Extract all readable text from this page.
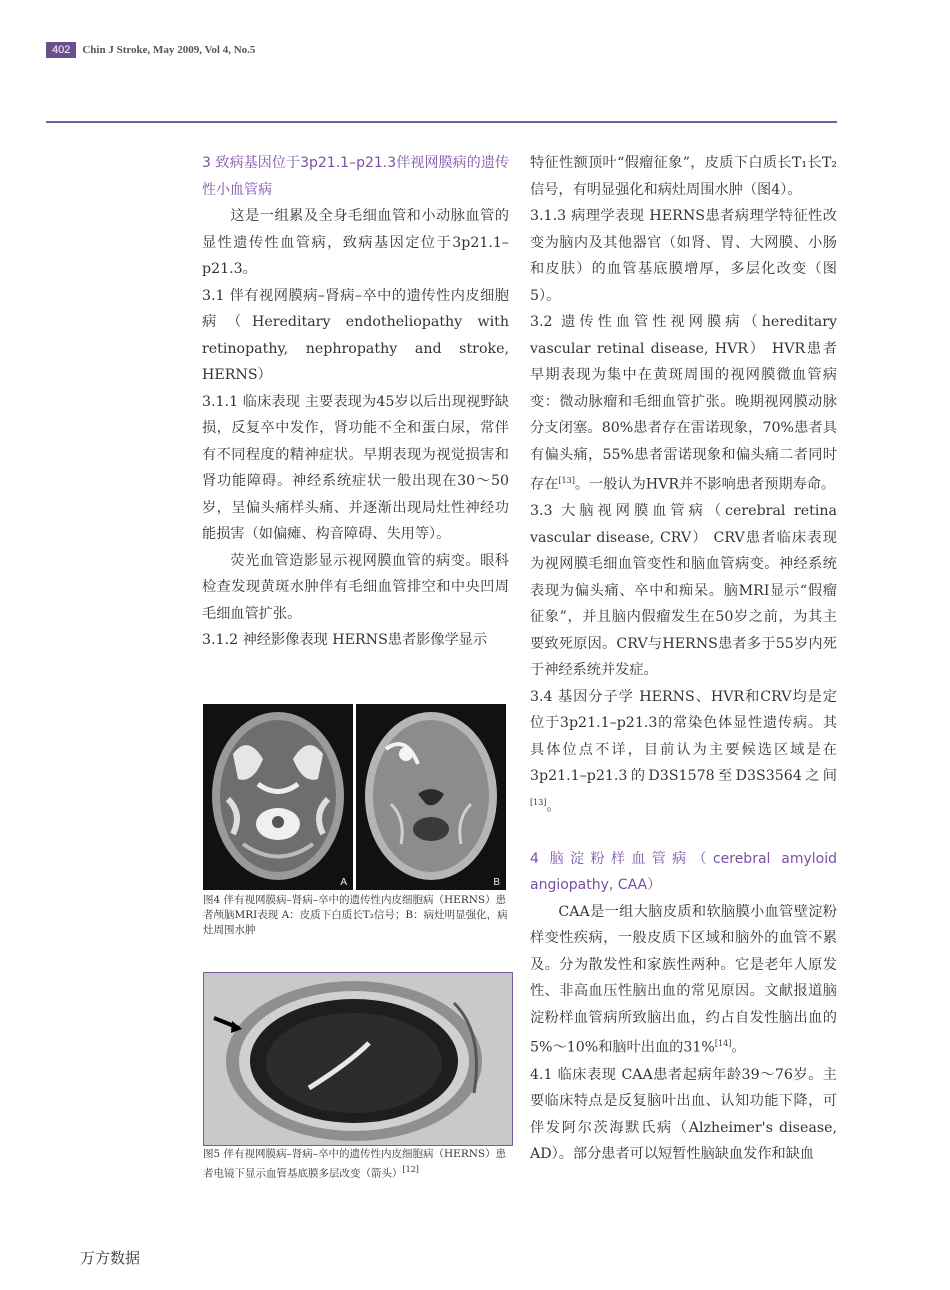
402	Chin J Stroke, May 2009, Vol 4, No.5

3 致病基因位于3p21.1–p21.3伴视网膜病的遗传性小血管病

这是一组累及全身毛细血管和小动脉血管的显性遗传性血管病，致病基因定位于3p21.1–p21.3。

3.1 伴有视网膜病–肾病–卒中的遗传性内皮细胞病（Hereditary endotheliopathy with retinopathy, nephropathy and stroke, HERNS）

3.1.1 临床表现 主要表现为45岁以后出现视野缺损，反复卒中发作，肾功能不全和蛋白尿，常伴有不同程度的精神症状。早期表现为视觉损害和肾功能障碍。神经系统症状一般出现在30～50岁，呈偏头痛样头痛、并逐渐出现局灶性神经功能损害（如偏瘫、构音障碍、失用等）。

荧光血管造影显示视网膜血管的病变。眼科检查发现黄斑水肿伴有毛细血管排空和中央凹周毛细血管扩张。

3.1.2 神经影像表现 HERNS患者影像学显示

A	B
图4 伴有视网膜病–肾病–卒中的遗传性内皮细胞病（HERNS）患者颅脑MRI表现 A：皮质下白质长T₂信号；B：病灶明显强化，病灶周围水肿
图5 伴有视网膜病–肾病–卒中的遗传性内皮细胞病（HERNS）患者电镜下显示血管基底膜多层改变（箭头）[12]

特征性额顶叶“假瘤征象”，皮质下白质长T₁长T₂信号，有明显强化和病灶周围水肿（图4）。

3.1.3 病理学表现 HERNS患者病理学特征性改变为脑内及其他器官（如肾、胃、大网膜、小肠和皮肤）的血管基底膜增厚，多层化改变（图5）。

3.2 遗传性血管性视网膜病（hereditary vascular retinal disease, HVR） HVR患者早期表现为集中在黄斑周围的视网膜微血管病变：微动脉瘤和毛细血管扩张。晚期视网膜动脉分支闭塞。80%患者存在雷诺现象，70%患者具有偏头痛，55%患者雷诺现象和偏头痛二者同时存在[13]。一般认为HVR并不影响患者预期寿命。

3.3 大脑视网膜血管病（cerebral retina vascular disease, CRV） CRV患者临床表现为视网膜毛细血管变性和脑血管病变。神经系统表现为偏头痛、卒中和痴呆。脑MRI显示“假瘤征象”，并且脑内假瘤发生在50岁之前，为其主要致死原因。CRV与HERNS患者多于55岁内死于神经系统并发症。

3.4 基因分子学 HERNS、HVR和CRV均是定位于3p21.1–p21.3的常染色体显性遗传病。其具体位点不详，目前认为主要候选区域是在3p21.1–p21.3的D3S1578至D3S3564之间[13]。

4 脑淀粉样血管病（cerebral amyloid angiopathy, CAA）

CAA是一组大脑皮质和软脑膜小血管壁淀粉样变性疾病，一般皮质下区域和脑外的血管不累及。分为散发性和家族性两种。它是老年人原发性、非高血压性脑出血的常见原因。文献报道脑淀粉样血管病所致脑出血，约占自发性脑出血的5%～10%和脑叶出血的31%[14]。

4.1 临床表现 CAA患者起病年龄39～76岁。主要临床特点是反复脑叶出血、认知功能下降，可伴发阿尔茨海默氏病（Alzheimer's disease, AD）。部分患者可以短暂性脑缺血发作和缺血

万方数据
